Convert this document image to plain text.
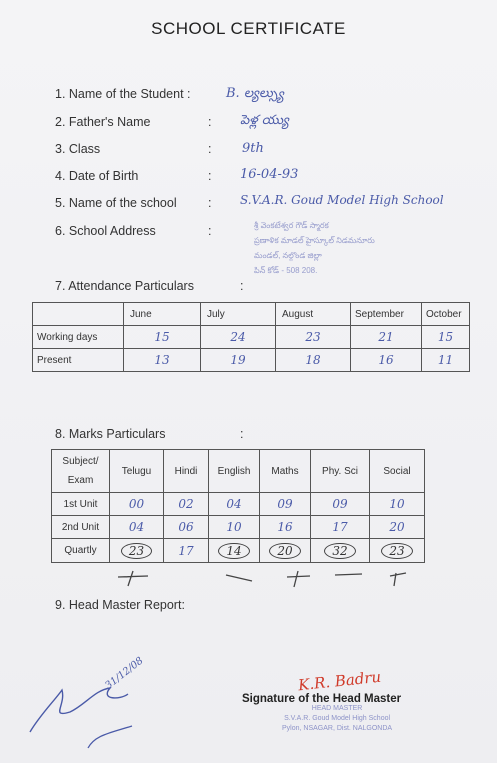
SCHOOL CERTIFICATE
1. Name of the Student :	B. ల్యల్స్యు
2. Father's Name	: పెళ్ల య్యు
3. Class	: 9th
4. Date of Birth	: 16-04-93
5. Name of the school	: S.V.A.R. Goud Model High School
6. School Address	:	శ్రీ వెంకటేశ్వర గౌడ్ స్మారక
ప్రణాళిక మాడల్ హైస్కూల్ నిడమనూరు
మండల్, నల్గొండ జిల్లా
పిన్ కోడ్ - 508 208.
7. Attendance Particulars	:
	June	July	August	September	October
Working days	15	24	23	21	15
Present	13	19	18	16	11
8. Marks Particulars	:
Subject/
Exam	Telugu	Hindi	English	Maths	Phy. Sci	Social
1st Unit	00	02	04	09	09	10
2nd Unit	04	06	10	16	17	20
Quartly	23	17	14	20	32	23
9. Head Master Report:
31/12/08	K.R. Badru
Signature of the Head Master
HEAD MASTER
S.V.A.R. Goud Model High School
Pylon, NSAGAR, Dist. NALGONDA
